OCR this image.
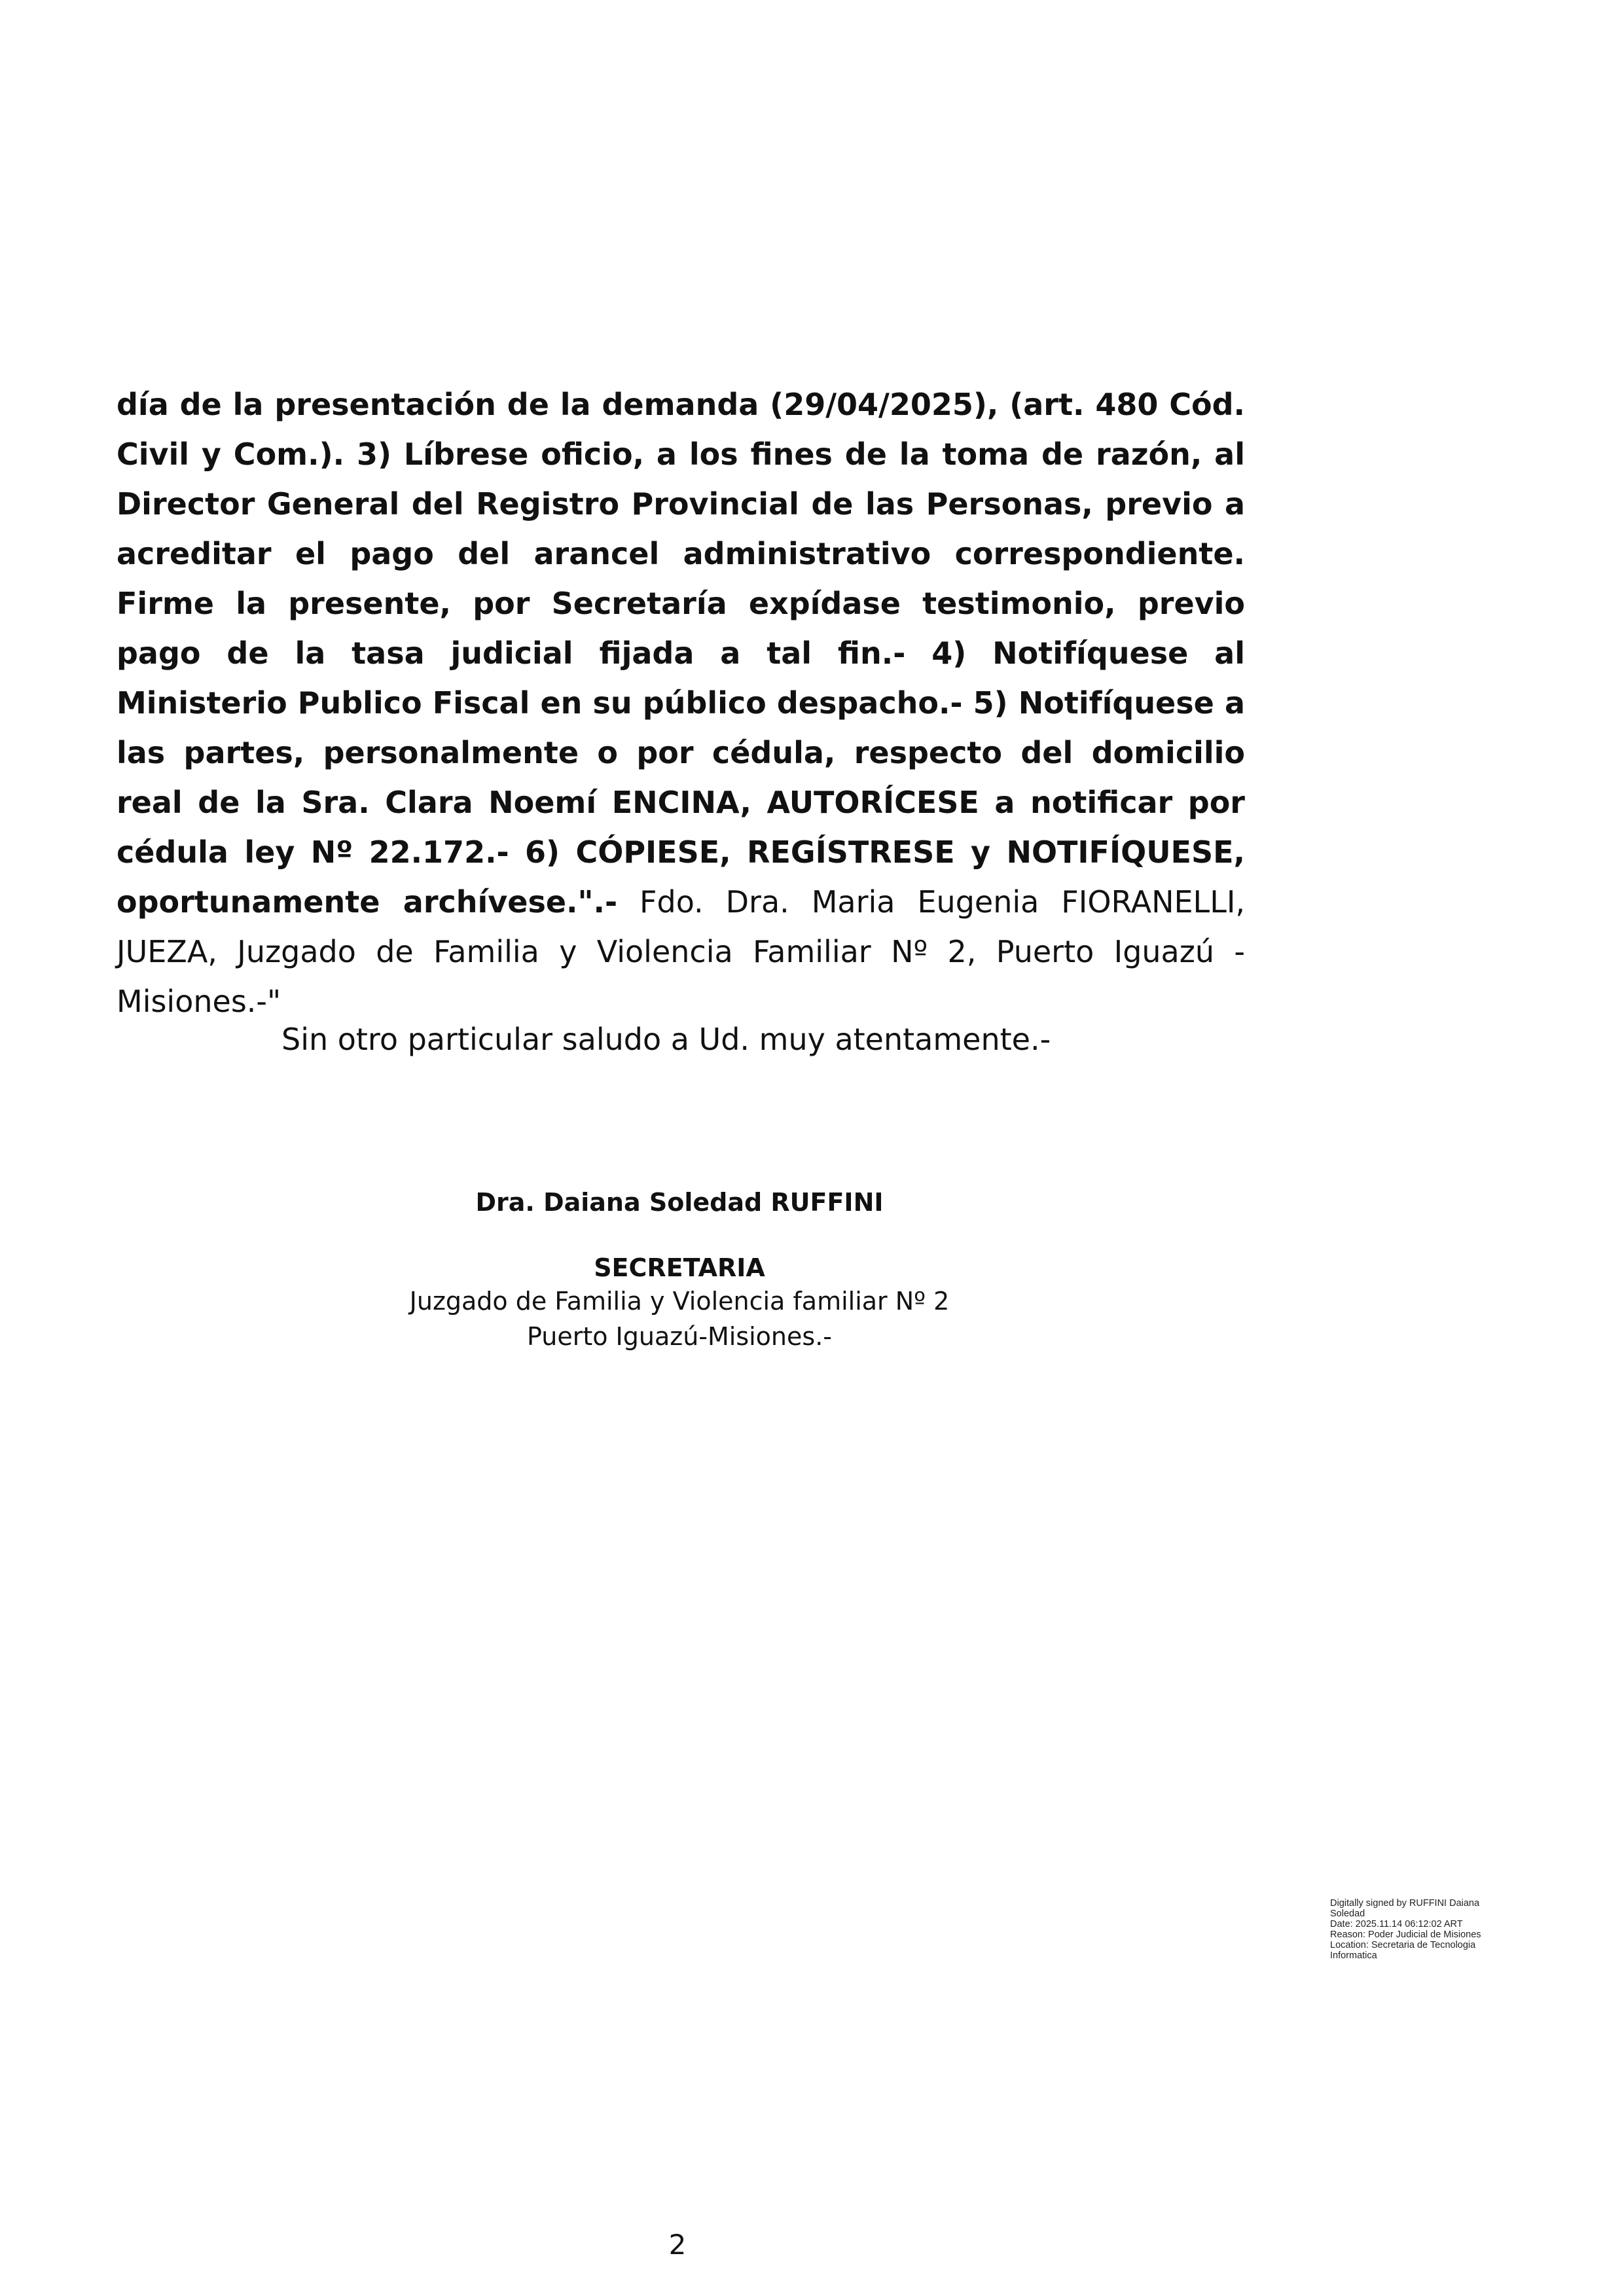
día de la presentación de la demanda (29/04/2025), (art. 480 Cód. Civil y Com.). 3) Líbrese oficio, a los fines de la toma de razón, al Director General del Registro Provincial de las Personas, previo a acreditar el pago del arancel administrativo correspondiente. Firme la presente, por Secretaría expídase testimonio, previo pago de la tasa judicial fijada a tal fin.- 4) Notifíquese al Ministerio Publico Fiscal en su público despacho.- 5) Notifíquese a las partes, personalmente o por cédula, respecto del domicilio real de la Sra. Clara Noemí ENCINA, AUTORÍCESE a notificar por cédula ley Nº 22.172.- 6) CÓPIESE, REGÍSTRESE y NOTIFÍQUESE, oportunamente archívese.".- Fdo. Dra. Maria Eugenia FIORANELLI, JUEZA, Juzgado de Familia y Violencia Familiar Nº 2, Puerto Iguazú - Misiones.-"

Sin otro particular saludo a Ud. muy atentamente.-

Dra. Daiana Soledad RUFFINI
SECRETARIA
Juzgado de Familia y Violencia familiar Nº 2
Puerto Iguazú-Misiones.-
Digitally signed by RUFFINI Daiana
Soledad
Date: 2025.11.14 06:12:02 ART
Reason: Poder Judicial de Misiones
Location: Secretaria de Tecnologia
Informatica
2
